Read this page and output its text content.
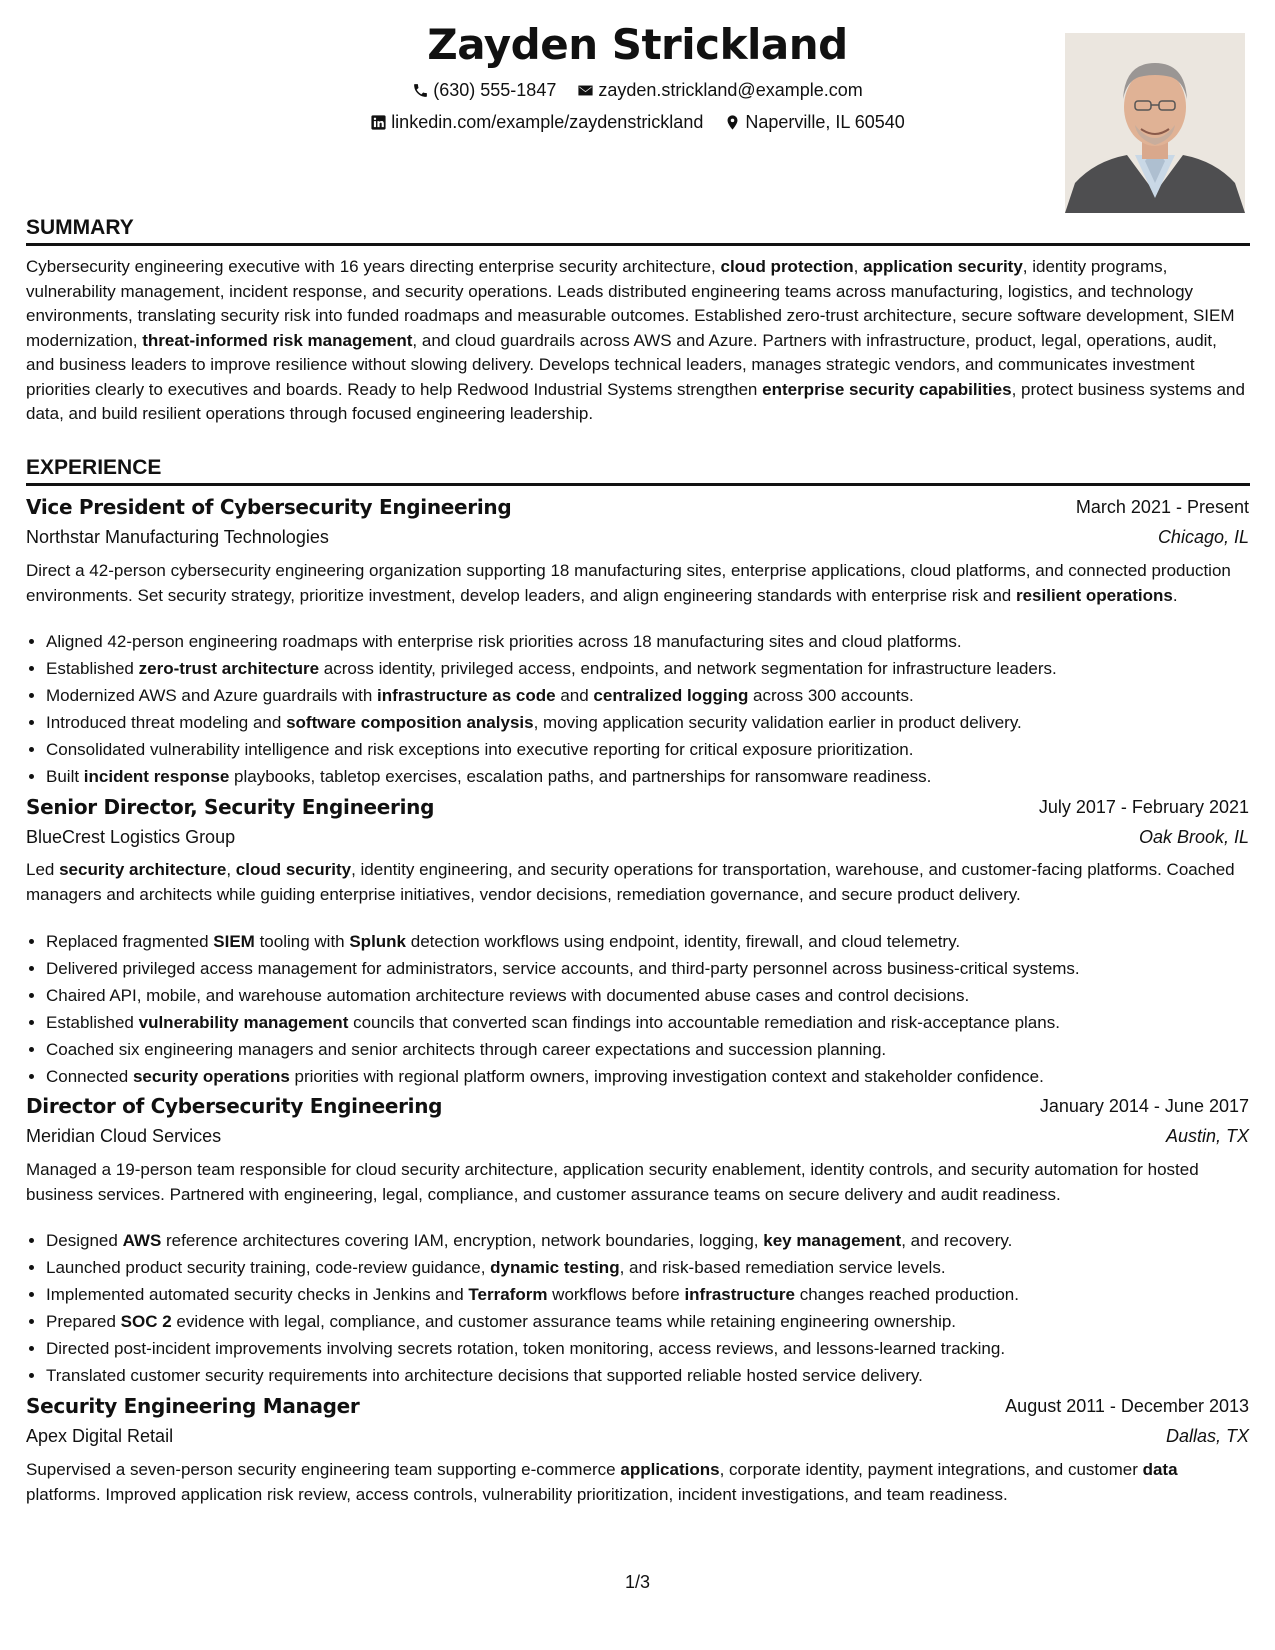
Zayden Strickland
(630) 555-1847
zayden.strickland@example.com
linkedin.com/example/zaydenstrickland
Naperville, IL 60540
SUMMARY
Cybersecurity engineering executive with 16 years directing enterprise security architecture, cloud protection, application security, identity programs, vulnerability management, incident response, and security operations. Leads distributed engineering teams across manufacturing, logistics, and technology environments, translating security risk into funded roadmaps and measurable outcomes. Established zero-trust architecture, secure software development, SIEM modernization, threat-informed risk management, and cloud guardrails across AWS and Azure. Partners with infrastructure, product, legal, operations, audit, and business leaders to improve resilience without slowing delivery. Develops technical leaders, manages strategic vendors, and communicates investment priorities clearly to executives and boards. Ready to help Redwood Industrial Systems strengthen enterprise security capabilities, protect business systems and data, and build resilient operations through focused engineering leadership.
EXPERIENCE
Vice President of Cybersecurity Engineering	March 2021 - Present
Northstar Manufacturing Technologies	Chicago, IL
Direct a 42-person cybersecurity engineering organization supporting 18 manufacturing sites, enterprise applications, cloud platforms, and connected production environments. Set security strategy, prioritize investment, develop leaders, and align engineering standards with enterprise risk and resilient operations.
• Aligned 42-person engineering roadmaps with enterprise risk priorities across 18 manufacturing sites and cloud platforms.
• Established zero-trust architecture across identity, privileged access, endpoints, and network segmentation for infrastructure leaders.
• Modernized AWS and Azure guardrails with infrastructure as code and centralized logging across 300 accounts.
• Introduced threat modeling and software composition analysis, moving application security validation earlier in product delivery.
• Consolidated vulnerability intelligence and risk exceptions into executive reporting for critical exposure prioritization.
• Built incident response playbooks, tabletop exercises, escalation paths, and partnerships for ransomware readiness.
Senior Director, Security Engineering	July 2017 - February 2021
BlueCrest Logistics Group	Oak Brook, IL
Led security architecture, cloud security, identity engineering, and security operations for transportation, warehouse, and customer-facing platforms. Coached managers and architects while guiding enterprise initiatives, vendor decisions, remediation governance, and secure product delivery.
• Replaced fragmented SIEM tooling with Splunk detection workflows using endpoint, identity, firewall, and cloud telemetry.
• Delivered privileged access management for administrators, service accounts, and third-party personnel across business-critical systems.
• Chaired API, mobile, and warehouse automation architecture reviews with documented abuse cases and control decisions.
• Established vulnerability management councils that converted scan findings into accountable remediation and risk-acceptance plans.
• Coached six engineering managers and senior architects through career expectations and succession planning.
• Connected security operations priorities with regional platform owners, improving investigation context and stakeholder confidence.
Director of Cybersecurity Engineering	January 2014 - June 2017
Meridian Cloud Services	Austin, TX
Managed a 19-person team responsible for cloud security architecture, application security enablement, identity controls, and security automation for hosted business services. Partnered with engineering, legal, compliance, and customer assurance teams on secure delivery and audit readiness.
• Designed AWS reference architectures covering IAM, encryption, network boundaries, logging, key management, and recovery.
• Launched product security training, code-review guidance, dynamic testing, and risk-based remediation service levels.
• Implemented automated security checks in Jenkins and Terraform workflows before infrastructure changes reached production.
• Prepared SOC 2 evidence with legal, compliance, and customer assurance teams while retaining engineering ownership.
• Directed post-incident improvements involving secrets rotation, token monitoring, access reviews, and lessons-learned tracking.
• Translated customer security requirements into architecture decisions that supported reliable hosted service delivery.
Security Engineering Manager	August 2011 - December 2013
Apex Digital Retail	Dallas, TX
Supervised a seven-person security engineering team supporting e-commerce applications, corporate identity, payment integrations, and customer data platforms. Improved application risk review, access controls, vulnerability prioritization, incident investigations, and team readiness.
1/3
